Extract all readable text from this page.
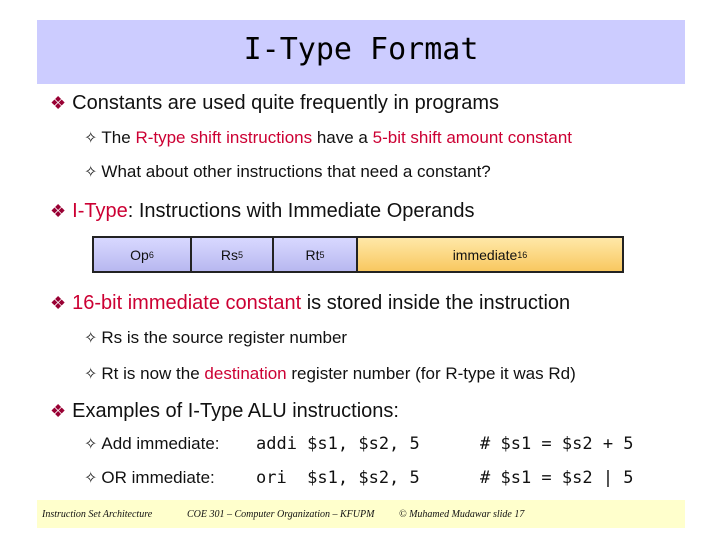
I-Type Format
❖ Constants are used quite frequently in programs
✧ The R-type shift instructions have a 5-bit shift amount constant
✧ What about other instructions that need a constant?
❖ I-Type: Instructions with Immediate Operands
Op 6	Rs 5	Rt 5	immediate 16
❖ 16-bit immediate constant is stored inside the instruction
✧ Rs is the source register number
✧ Rt is now the destination register number (for R-type it was Rd)
❖ Examples of I-Type ALU instructions:
✧ Add immediate: addi $s1, $s2, 5	# $s1 = $s2 + 5
✧ OR immediate: ori  $s1, $s2, 5	# $s1 = $s2 | 5
Instruction Set Architecture	COE 301 – Computer Organization – KFUPM © Muhamed Mudawar slide 17
